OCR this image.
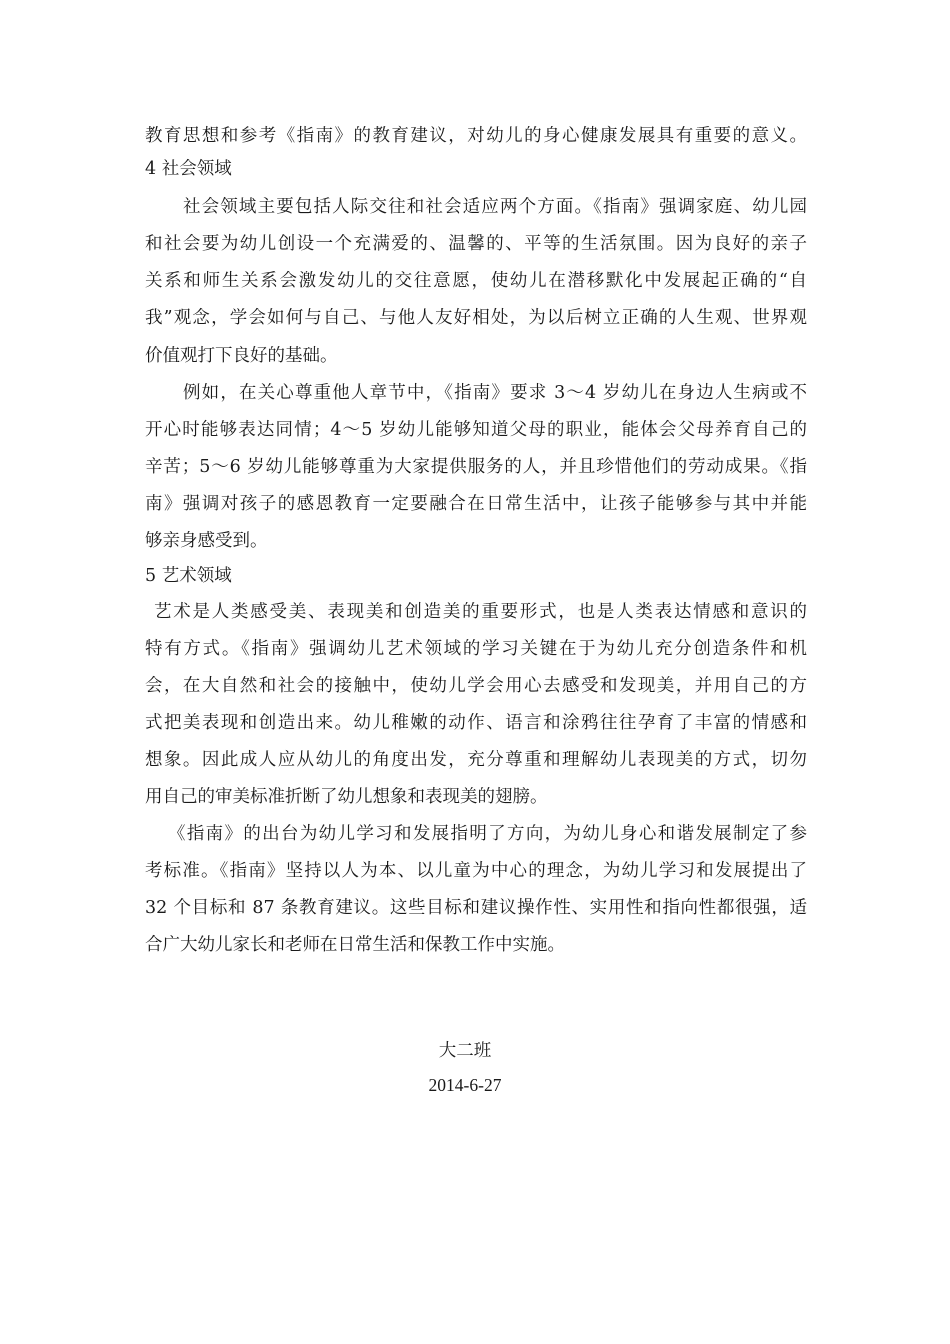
教育思想和参考《指南》的教育建议，对幼儿的身心健康发展具有重要的意义。
4 社会领域
社会领域主要包括人际交往和社会适应两个方面。《指南》强调家庭、幼儿园
和社会要为幼儿创设一个充满爱的、温馨的、平等的生活氛围。因为良好的亲子
关系和师生关系会激发幼儿的交往意愿，使幼儿在潜移默化中发展起正确的“自
我”观念，学会如何与自己、与他人友好相处，为以后树立正确的人生观、世界观
价值观打下良好的基础。
例如，在关心尊重他人章节中，《指南》要求 3～4 岁幼儿在身边人生病或不
开心时能够表达同情；4～5 岁幼儿能够知道父母的职业，能体会父母养育自己的
辛苦；5～6 岁幼儿能够尊重为大家提供服务的人，并且珍惜他们的劳动成果。《指
南》强调对孩子的感恩教育一定要融合在日常生活中，让孩子能够参与其中并能
够亲身感受到。
5 艺术领域
艺术是人类感受美、表现美和创造美的重要形式，也是人类表达情感和意识的
特有方式。《指南》强调幼儿艺术领域的学习关键在于为幼儿充分创造条件和机
会，在大自然和社会的接触中，使幼儿学会用心去感受和发现美，并用自己的方
式把美表现和创造出来。幼儿稚嫩的动作、语言和涂鸦往往孕育了丰富的情感和
想象。因此成人应从幼儿的角度出发，充分尊重和理解幼儿表现美的方式，切勿
用自己的审美标准折断了幼儿想象和表现美的翅膀。
《指南》的出台为幼儿学习和发展指明了方向，为幼儿身心和谐发展制定了参
考标准。《指南》坚持以人为本、以儿童为中心的理念，为幼儿学习和发展提出了
32 个目标和 87 条教育建议。这些目标和建议操作性、实用性和指向性都很强，适
合广大幼儿家长和老师在日常生活和保教工作中实施。
大二班
2014-6-27
